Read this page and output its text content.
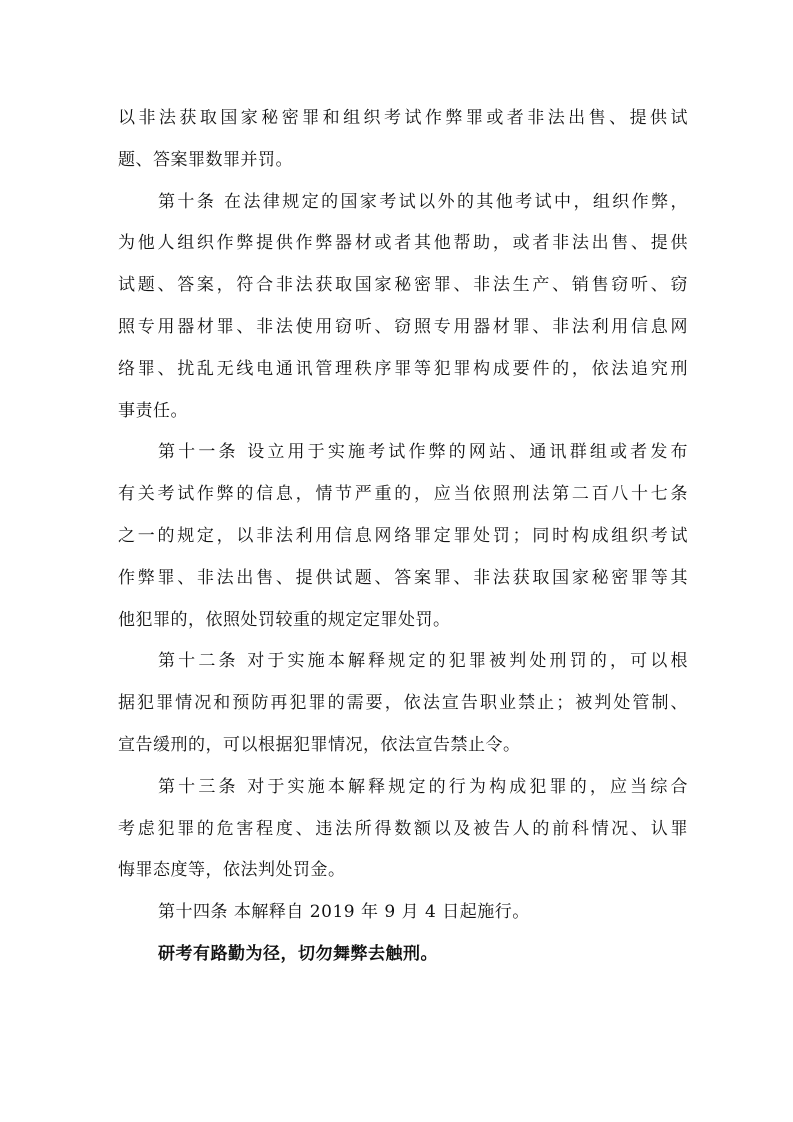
以非法获取国家秘密罪和组织考试作弊罪或者非法出售、提供试
题、答案罪数罪并罚。
第十条 在法律规定的国家考试以外的其他考试中，组织作弊，
为他人组织作弊提供作弊器材或者其他帮助，或者非法出售、提供
试题、答案，符合非法获取国家秘密罪、非法生产、销售窃听、窃
照专用器材罪、非法使用窃听、窃照专用器材罪、非法利用信息网
络罪、扰乱无线电通讯管理秩序罪等犯罪构成要件的，依法追究刑
事责任。
第十一条 设立用于实施考试作弊的网站、通讯群组或者发布
有关考试作弊的信息，情节严重的，应当依照刑法第二百八十七条
之一的规定，以非法利用信息网络罪定罪处罚；同时构成组织考试
作弊罪、非法出售、提供试题、答案罪、非法获取国家秘密罪等其
他犯罪的，依照处罚较重的规定定罪处罚。
第十二条 对于实施本解释规定的犯罪被判处刑罚的，可以根
据犯罪情况和预防再犯罪的需要，依法宣告职业禁止；被判处管制、
宣告缓刑的，可以根据犯罪情况，依法宣告禁止令。
第十三条 对于实施本解释规定的行为构成犯罪的，应当综合
考虑犯罪的危害程度、违法所得数额以及被告人的前科情况、认罪
悔罪态度等，依法判处罚金。
第十四条 本解释自 2019 年 9 月 4 日起施行。
研考有路勤为径，切勿舞弊去触刑。
